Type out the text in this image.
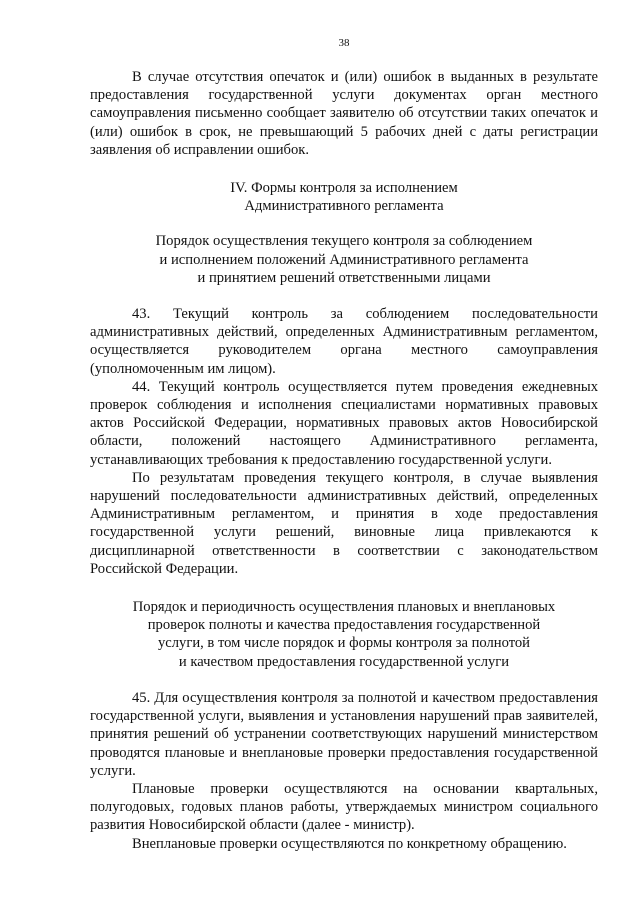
38

В случае отсутствия опечаток и (или) ошибок в выданных в результате предоставления государственной услуги документах орган местного самоуправления письменно сообщает заявителю об отсутствии таких опечаток и (или) ошибок в срок, не превышающий 5 рабочих дней с даты регистрации заявления об исправлении ошибок.

IV. Формы контроля за исполнением
Административного регламента
Порядок осуществления текущего контроля за соблюдением
и исполнением положений Административного регламента
и принятием решений ответственными лицами

43. Текущий контроль за соблюдением последовательности административных действий, определенных Административным регламентом, осуществляется руководителем органа местного самоуправления (уполномоченным им лицом).

44. Текущий контроль осуществляется путем проведения ежедневных проверок соблюдения и исполнения специалистами нормативных правовых актов Российской Федерации, нормативных правовых актов Новосибирской области, положений настоящего Административного регламента, устанавливающих требования к предоставлению государственной услуги.

По результатам проведения текущего контроля, в случае выявления нарушений последовательности административных действий, определенных Административным регламентом, и принятия в ходе предоставления государственной услуги решений, виновные лица привлекаются к дисциплинарной ответственности в соответствии с законодательством Российской Федерации.

Порядок и периодичность осуществления плановых и внеплановых
проверок полноты и качества предоставления государственной
услуги, в том числе порядок и формы контроля за полнотой
и качеством предоставления государственной услуги

45. Для осуществления контроля за полнотой и качеством предоставления государственной услуги, выявления и установления нарушений прав заявителей, принятия решений об устранении соответствующих нарушений министерством проводятся плановые и внеплановые проверки предоставления государственной услуги.

Плановые проверки осуществляются на основании квартальных, полугодовых, годовых планов работы, утверждаемых министром социального развития Новосибирской области (далее - министр).

Внеплановые проверки осуществляются по конкретному обращению.
